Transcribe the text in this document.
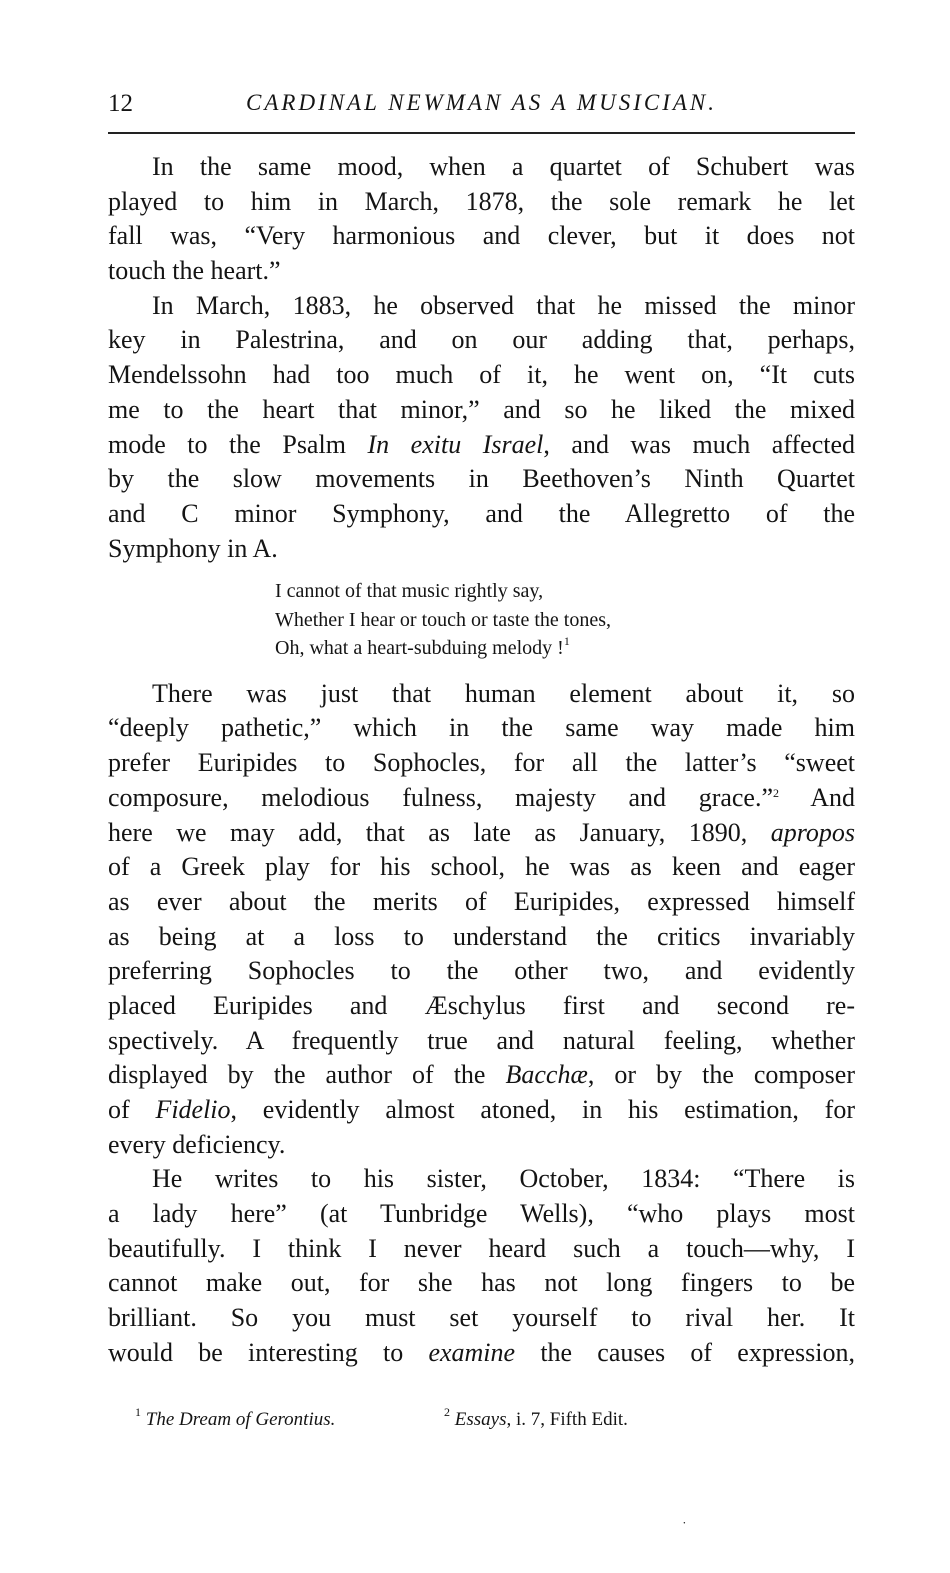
12	CARDINAL NEWMAN AS A MUSICIAN.
In the same mood, when a quartet of Schubert was
played to him in March, 1878, the sole remark he let
fall was, “Very harmonious and clever, but it does not
touch the heart.”
In March, 1883, he observed that he missed the minor
key in Palestrina, and on our adding that, perhaps,
Mendelssohn had too much of it, he went on, “It cuts
me to the heart that minor,” and so he liked the mixed
mode to the Psalm In exitu Israel, and was much affected
by the slow movements in Beethoven’s Ninth Quartet
and C minor Symphony, and the Allegretto of the
Symphony in A.
I cannot of that music rightly say,
Whether I hear or touch or taste the tones,
Oh, what a heart-subduing melody !$^1$
There was just that human element about it, so
“deeply pathetic,” which in the same way made him
prefer Euripides to Sophocles, for all the latter’s “sweet
composure, melodious fulness, majesty and grace.”$^2$ And
here we may add, that as late as January, 1890, apropos
of a Greek play for his school, he was as keen and eager
as ever about the merits of Euripides, expressed himself
as being at a loss to understand the critics invariably
preferring Sophocles to the other two, and evidently
placed Euripides and Æschylus first and second re-
spectively. A frequently true and natural feeling, whether
displayed by the author of the Bacchæ, or by the composer
of Fidelio, evidently almost atoned, in his estimation, for
every deficiency.
He writes to his sister, October, 1834: “There is
a lady here” (at Tunbridge Wells), “who plays most
beautifully. I think I never heard such a touch—why, I
cannot make out, for she has not long fingers to be
brilliant. So you must set yourself to rival her. It
would be interesting to examine the causes of expression,
$^1$ The Dream of Gerontius.	$^2$ Essays, i. 7, Fifth Edit.
˙
